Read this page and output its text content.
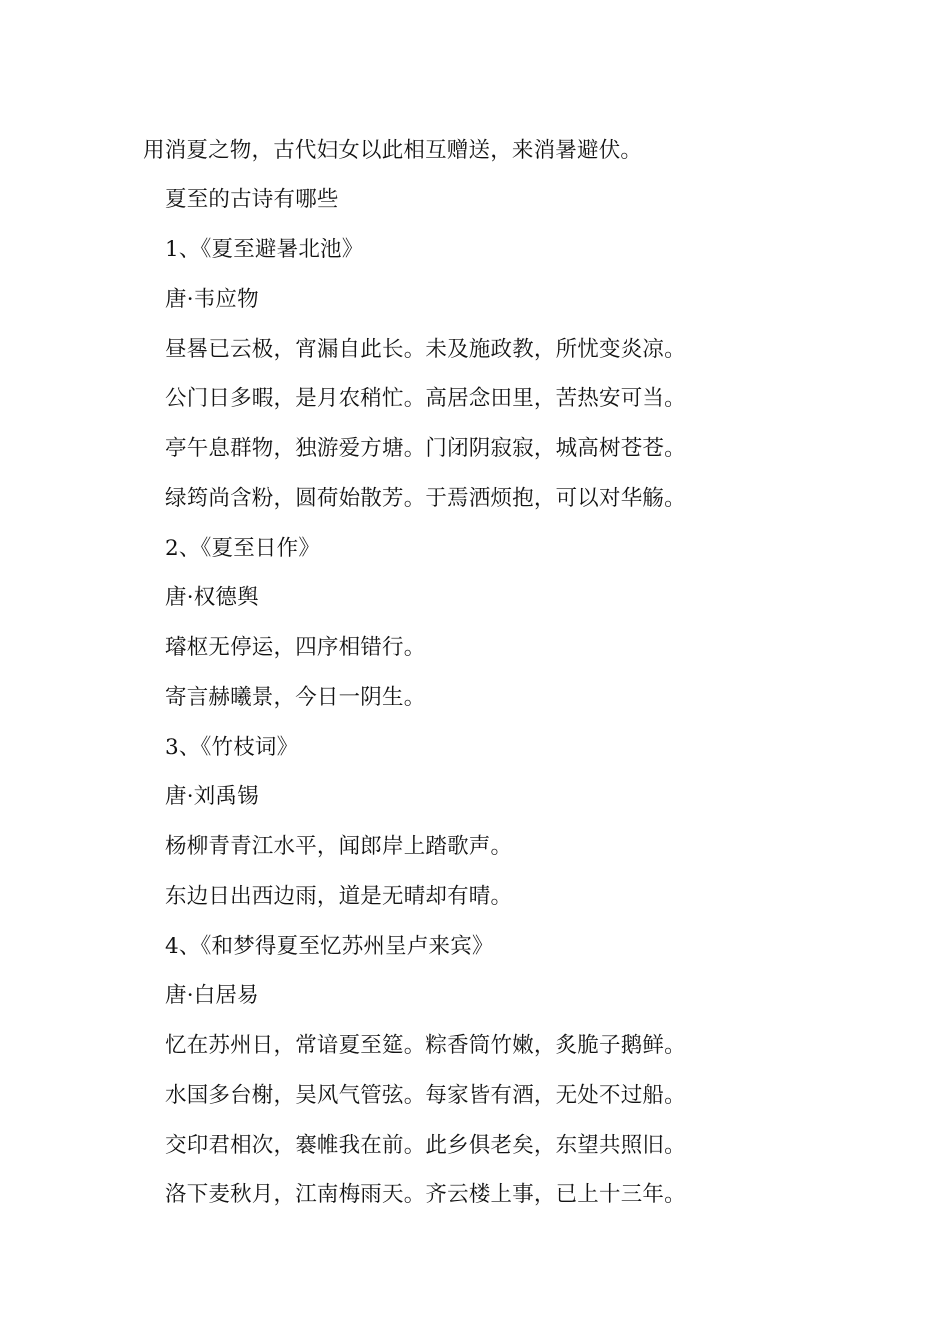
用消夏之物，古代妇女以此相互赠送，来消暑避伏。
夏至的古诗有哪些
1、《夏至避暑北池》
唐·韦应物
昼晷已云极，宵漏自此长。未及施政教，所忧变炎凉。
公门日多暇，是月农稍忙。高居念田里，苦热安可当。
亭午息群物，独游爱方塘。门闭阴寂寂，城高树苍苍。
绿筠尚含粉，圆荷始散芳。于焉洒烦抱，可以对华觞。
2、《夏至日作》
唐·权德舆
璿枢无停运，四序相错行。
寄言赫曦景，今日一阴生。
3、《竹枝词》
唐·刘禹锡
杨柳青青江水平，闻郎岸上踏歌声。
东边日出西边雨，道是无晴却有晴。
4、《和梦得夏至忆苏州呈卢来宾》
唐·白居易
忆在苏州日，常谙夏至筵。粽香筒竹嫩，炙脆子鹅鲜。
水国多台榭，吴风气管弦。每家皆有酒，无处不过船。
交印君相次，褰帷我在前。此乡俱老矣，东望共照旧。
洛下麦秋月，江南梅雨天。齐云楼上事，已上十三年。
